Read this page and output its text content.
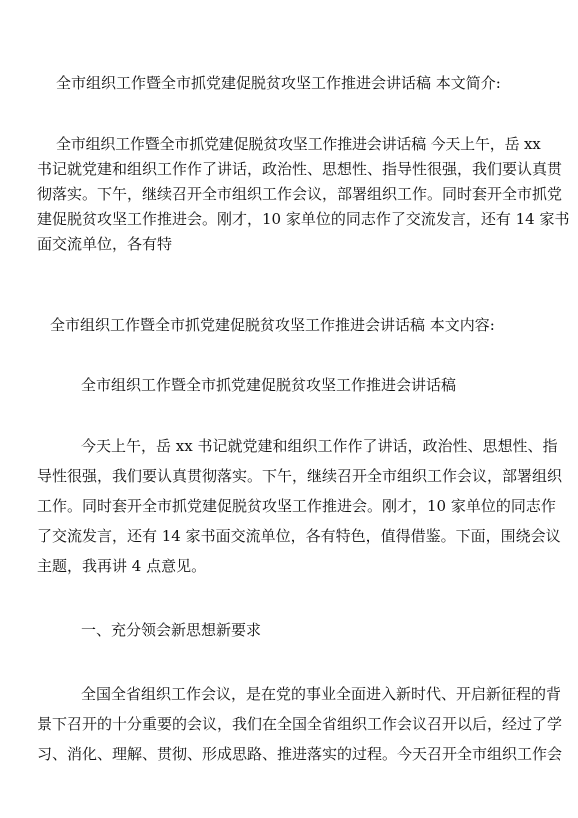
全市组织工作暨全市抓党建促脱贫攻坚工作推进会讲话稿 本文简介:
全市组织工作暨全市抓党建促脱贫攻坚工作推进会讲话稿 今天上午，岳 xx
书记就党建和组织工作作了讲话，政治性、思想性、指导性很强，我们要认真贯
彻落实。下午，继续召开全市组织工作会议，部署组织工作。同时套开全市抓党
建促脱贫攻坚工作推进会。刚才，10 家单位的同志作了交流发言，还有 14 家书
面交流单位，各有特
全市组织工作暨全市抓党建促脱贫攻坚工作推进会讲话稿 本文内容:
全市组织工作暨全市抓党建促脱贫攻坚工作推进会讲话稿
今天上午，岳 xx 书记就党建和组织工作作了讲话，政治性、思想性、指
导性很强，我们要认真贯彻落实。下午，继续召开全市组织工作会议，部署组织
工作。同时套开全市抓党建促脱贫攻坚工作推进会。刚才，10 家单位的同志作
了交流发言，还有 14 家书面交流单位，各有特色，值得借鉴。下面，围绕会议
主题，我再讲 4 点意见。
一、充分领会新思想新要求
全国全省组织工作会议，是在党的事业全面进入新时代、开启新征程的背
景下召开的十分重要的会议，我们在全国全省组织工作会议召开以后，经过了学
习、消化、理解、贯彻、形成思路、推进落实的过程。今天召开全市组织工作会
